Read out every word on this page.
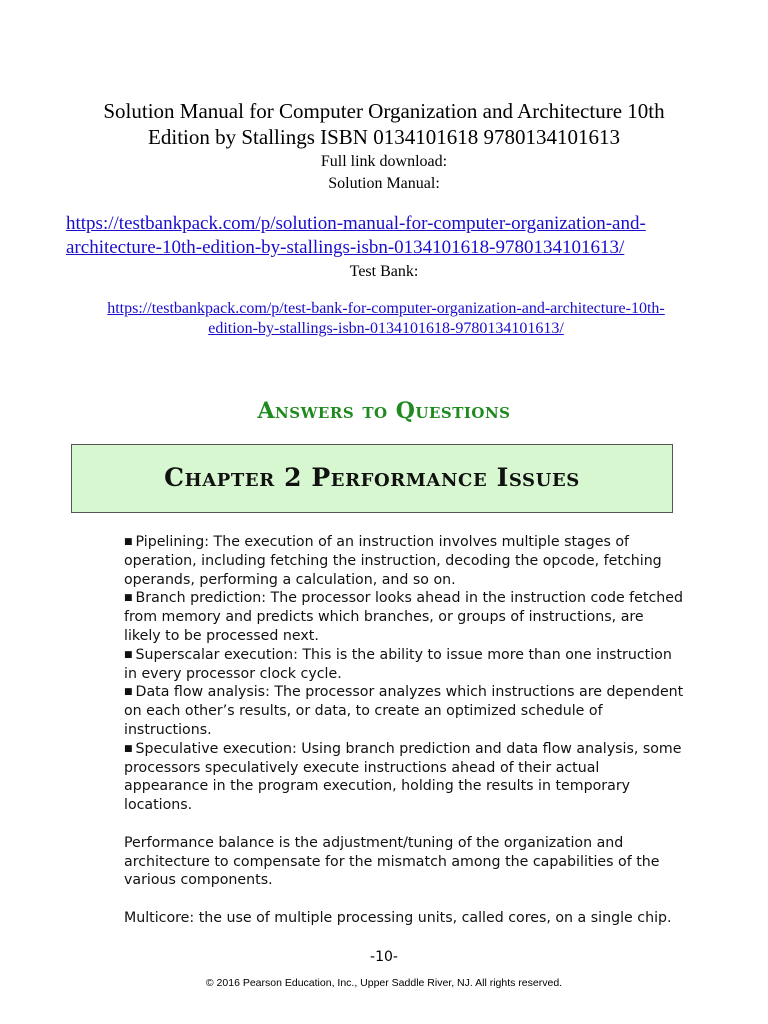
Solution Manual for Computer Organization and Architecture 10th
Edition by Stallings ISBN 0134101618 9780134101613
Full link download:
Solution Manual:
https://testbankpack.com/p/solution-manual-for-computer-organization-and-
architecture-10th-edition-by-stallings-isbn-0134101618-9780134101613/
Test Bank:
https://testbankpack.com/p/test-bank-for-computer-organization-and-architecture-10th-
edition-by-stallings-isbn-0134101618-9780134101613/
Answers to Questions
Chapter 2 Performance Issues

■ Pipelining: The execution of an instruction involves multiple stages of operation, including fetching the instruction, decoding the opcode, fetching operands, performing a calculation, and so on.

■ Branch prediction: The processor looks ahead in the instruction code fetched from memory and predicts which branches, or groups of instructions, are likely to be processed next.

■ Superscalar execution: This is the ability to issue more than one instruction in every processor clock cycle.

■ Data flow analysis: The processor analyzes which instructions are dependent on each other’s results, or data, to create an optimized schedule of instructions.

■ Speculative execution: Using branch prediction and data flow analysis, some processors speculatively execute instructions ahead of their actual appearance in the program execution, holding the results in temporary locations.

Performance balance is the adjustment/tuning of the organization and architecture to compensate for the mismatch among the capabilities of the various components.

Multicore: the use of multiple processing units, called cores, on a single chip.

-10-
© 2016 Pearson Education, Inc., Upper Saddle River, NJ. All rights reserved.
